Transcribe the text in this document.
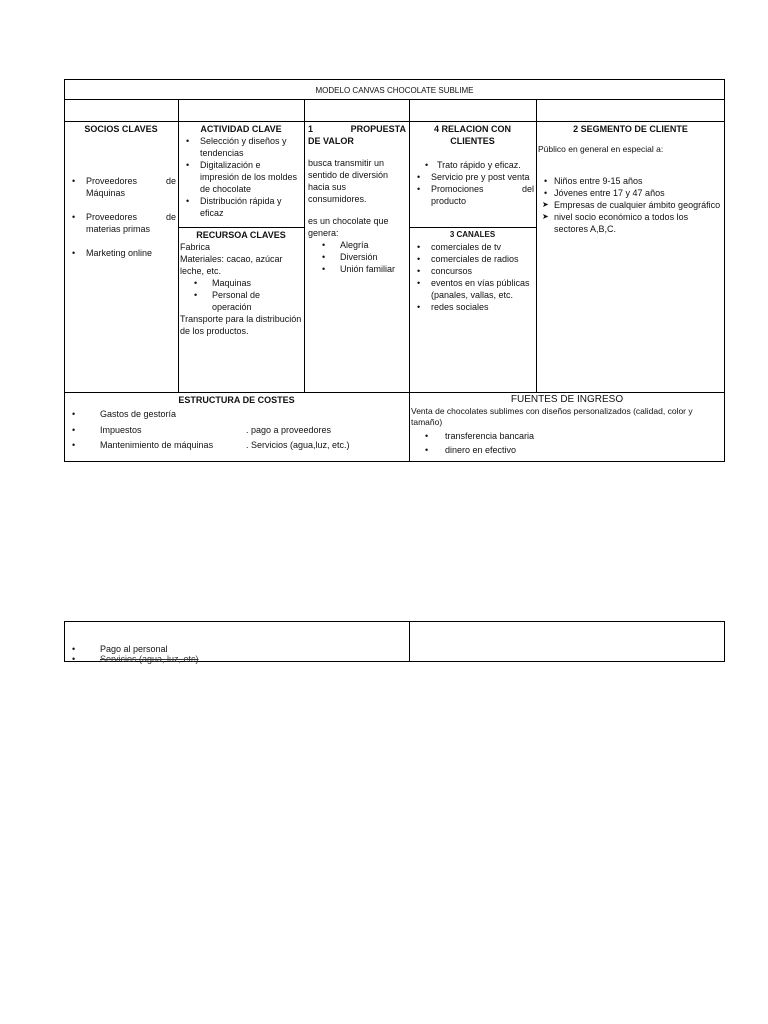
MODELO CANVAS CHOCOLATE SUBLIME
SOCIOS CLAVES
• Proveedores de Máquinas
• Proveedores de materias primas
• Marketing online
ACTIVIDAD CLAVE
• Selección y diseños y tendencias
• Digitalización e impresión de los moldes de chocolate
• Distribución rápida y eficaz
RECURSOA CLAVES
Fabrica
Materiales: cacao, azúcar leche, etc.
• Maquinas
• Personal de operación
Transporte para la distribución de los productos.
1	PROPUESTA
DE VALOR
busca transmitir un sentido de diversión hacia sus consumidores.
es un chocolate que genera:
• Alegría
• Diversión
• Unión familiar
4 RELACION CON CLIENTES
• Trato rápido y eficaz.
• Servicio pre y post venta
• Promociones del producto
3 CANALES
• comerciales de tv
• comerciales de radios
• concursos
• eventos en vías públicas (panales, vallas, etc.
• redes sociales
2 SEGMENTO DE CLIENTE
Público en general en especial a:
• Niños entre 9-15 años
• Jóvenes entre 17 y 47 años
➤ Empresas de cualquier ámbito geográfico
➤ nivel socio económico a todos los sectores A,B,C.
ESTRUCTURA DE COSTES
• Gastos de gestoría
• Impuestos	. pago a proveedores
• Mantenimiento de máquinas	. Servicios (agua,luz, etc.)
FUENTES DE INGRESO
Venta de chocolates sublimes con diseños personalizados (calidad, color y tamaño)
• transferencia bancaria
• dinero en efectivo
• Pago al personal
• Servicios (agua, luz, etc)
